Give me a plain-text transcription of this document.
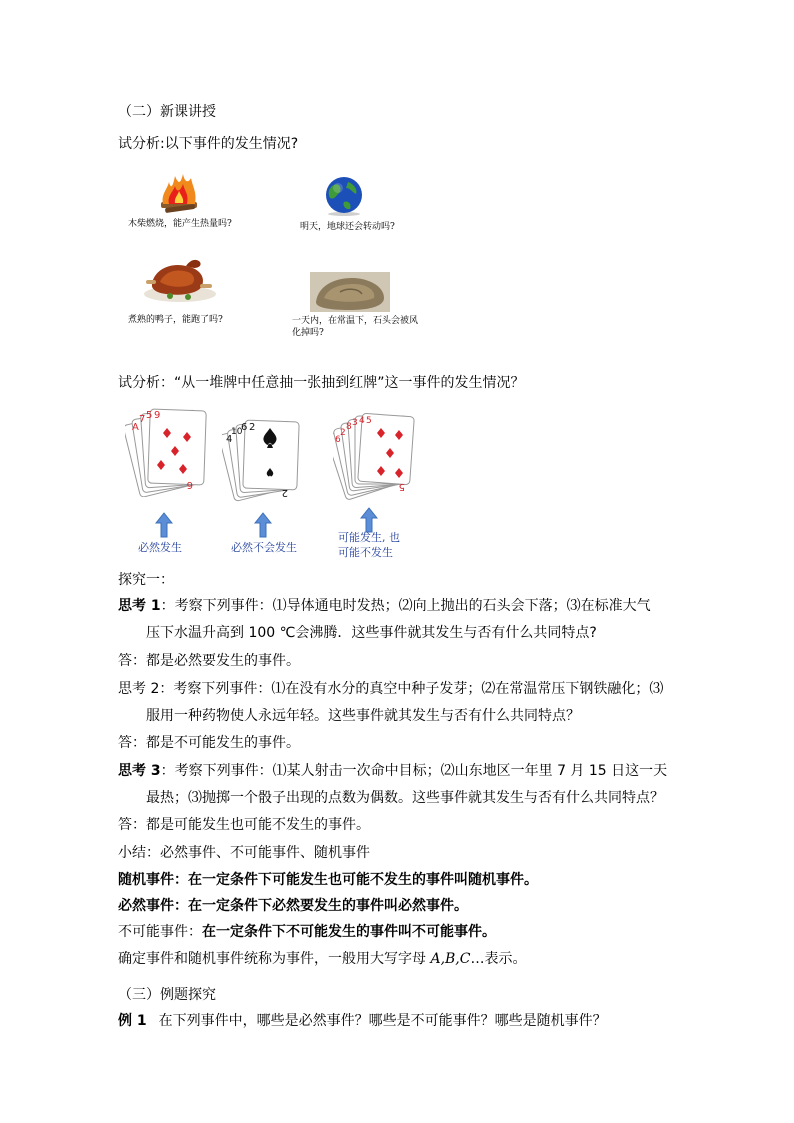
（二）新课讲授
试分析:以下事件的发生情况?
木柴燃烧，能产生热量吗?	明天，地球还会转动吗?
煮熟的鸭子，能跑了吗?	一天内，在常温下，石头会被风
化掉吗?
试分析：“从一堆牌中任意抽一张抽到红牌”这一事件的发生情况？
A
7 5 9
6
4
10
6 2
2
6
2
8 3 4 5
5
必然发生	必然不会发生
可能发生, 也
可能不发生
探究一：
思考 1：考察下列事件：⑴导体通电时发热；⑵向上抛出的石头会下落；⑶在标准大气
压下水温升高到 100 ℃会沸腾．这些事件就其发生与否有什么共同特点?
答：都是必然要发生的事件。
思考 2：考察下列事件：⑴在没有水分的真空中种子发芽；⑵在常温常压下钢铁融化；⑶
服用一种药物使人永远年轻。这些事件就其发生与否有什么共同特点？
答：都是不可能发生的事件。
思考 3：考察下列事件：⑴某人射击一次命中目标；⑵山东地区一年里 7 月 15 日这一天
最热；⑶抛掷一个骰子出现的点数为偶数。这些事件就其发生与否有什么共同特点？
答：都是可能发生也可能不发生的事件。
小结：必然事件、不可能事件、随机事件
随机事件：在一定条件下可能发生也可能不发生的事件叫随机事件。
必然事件：在一定条件下必然要发生的事件叫必然事件。
不可能事件：在一定条件下不可能发生的事件叫不可能事件。
确定事件和随机事件统称为事件，一般用大写字母 A,B,C…表示。
（三）例题探究
例 1 在下列事件中，哪些是必然事件？哪些是不可能事件？哪些是随机事件？
